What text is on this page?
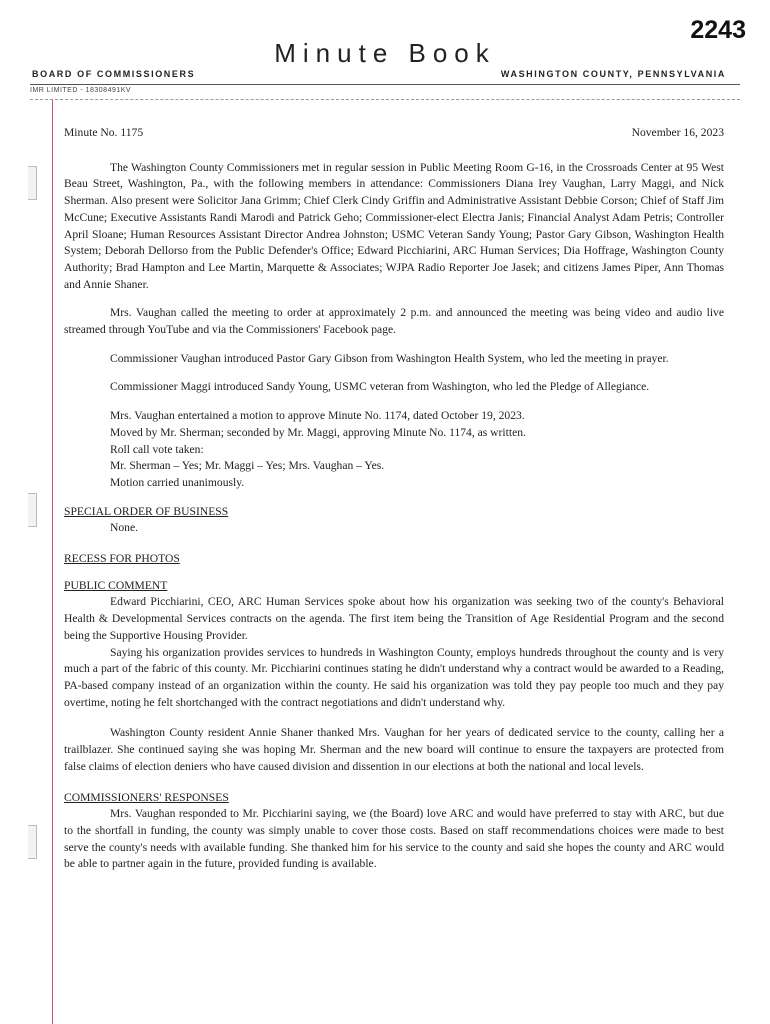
2243
Minute Book
BOARD OF COMMISSIONERS	WASHINGTON COUNTY, PENNSYLVANIA
IMR LIMITED - 18308491KV
Minute No. 1175	November 16, 2023

The Washington County Commissioners met in regular session in Public Meeting Room G-16, in the Crossroads Center at 95 West Beau Street, Washington, Pa., with the following members in attendance: Commissioners Diana Irey Vaughan, Larry Maggi, and Nick Sherman. Also present were Solicitor Jana Grimm; Chief Clerk Cindy Griffin and Administrative Assistant Debbie Corson; Chief of Staff Jim McCune; Executive Assistants Randi Marodi and Patrick Geho; Commissioner-elect Electra Janis; Financial Analyst Adam Petris; Controller April Sloane; Human Resources Assistant Director Andrea Johnston; USMC Veteran Sandy Young; Pastor Gary Gibson, Washington Health System; Deborah Dellorso from the Public Defender's Office; Edward Picchiarini, ARC Human Services; Dia Hoffrage, Washington County Authority; Brad Hampton and Lee Martin, Marquette & Associates; WJPA Radio Reporter Joe Jasek; and citizens James Piper, Ann Thomas and Annie Shaner.

Mrs. Vaughan called the meeting to order at approximately 2 p.m. and announced the meeting was being video and audio live streamed through YouTube and via the Commissioners' Facebook page.

Commissioner Vaughan introduced Pastor Gary Gibson from Washington Health System, who led the meeting in prayer.

Commissioner Maggi introduced Sandy Young, USMC veteran from Washington, who led the Pledge of Allegiance.

Mrs. Vaughan entertained a motion to approve Minute No. 1174, dated October 19, 2023.

Moved by Mr. Sherman; seconded by Mr. Maggi, approving Minute No. 1174, as written.

Roll call vote taken:

Mr. Sherman – Yes; Mr. Maggi – Yes; Mrs. Vaughan – Yes.

Motion carried unanimously.

SPECIAL ORDER OF BUSINESS
None.
RECESS FOR PHOTOS
PUBLIC COMMENT

Edward Picchiarini, CEO, ARC Human Services spoke about how his organization was seeking two of the county's Behavioral Health & Developmental Services contracts on the agenda. The first item being the Transition of Age Residential Program and the second being the Supportive Housing Provider.

Saying his organization provides services to hundreds in Washington County, employs hundreds throughout the county and is very much a part of the fabric of this county. Mr. Picchiarini continues stating he didn't understand why a contract would be awarded to a Reading, PA-based company instead of an organization within the county. He said his organization was told they pay people too much and they pay overtime, noting he felt shortchanged with the contract negotiations and didn't understand why.

Washington County resident Annie Shaner thanked Mrs. Vaughan for her years of dedicated service to the county, calling her a trailblazer. She continued saying she was hoping Mr. Sherman and the new board will continue to ensure the taxpayers are protected from false claims of election deniers who have caused division and dissention in our elections at both the national and local levels.

COMMISSIONERS' RESPONSES

Mrs. Vaughan responded to Mr. Picchiarini saying, we (the Board) love ARC and would have preferred to stay with ARC, but due to the shortfall in funding, the county was simply unable to cover those costs. Based on staff recommendations choices were made to best serve the county's needs with available funding. She thanked him for his service to the county and said she hopes the county and ARC would be able to partner again in the future, provided funding is available.
